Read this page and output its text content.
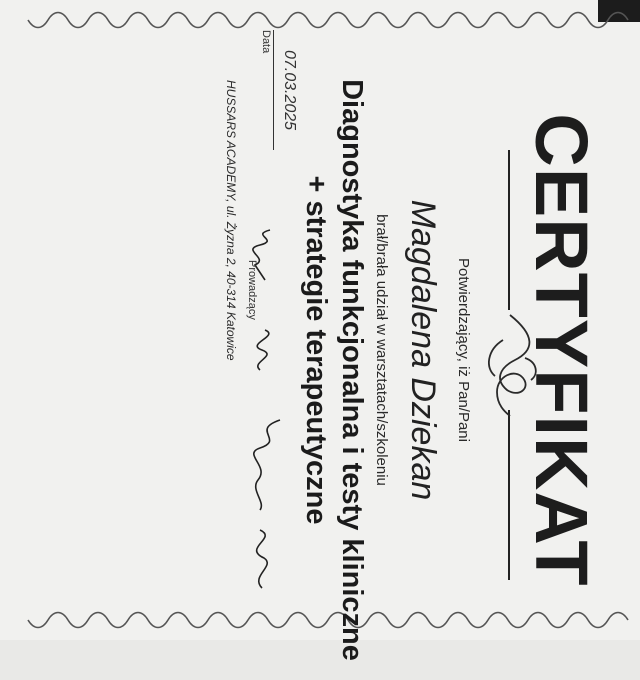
CERTYFIKAT
Potwierdzający, iż Pan/Pani
Magdalena Dziekan
brał/brała udział w warsztatach/szkoleniu
Diagnostyka funkcjonalna i testy kliniczne
+ strategie terapeutyczne
07.03.2025
Data
Prowadzący
HUSSARS ACADEMY, ul. Żyzna 2, 40-314 Katowice
